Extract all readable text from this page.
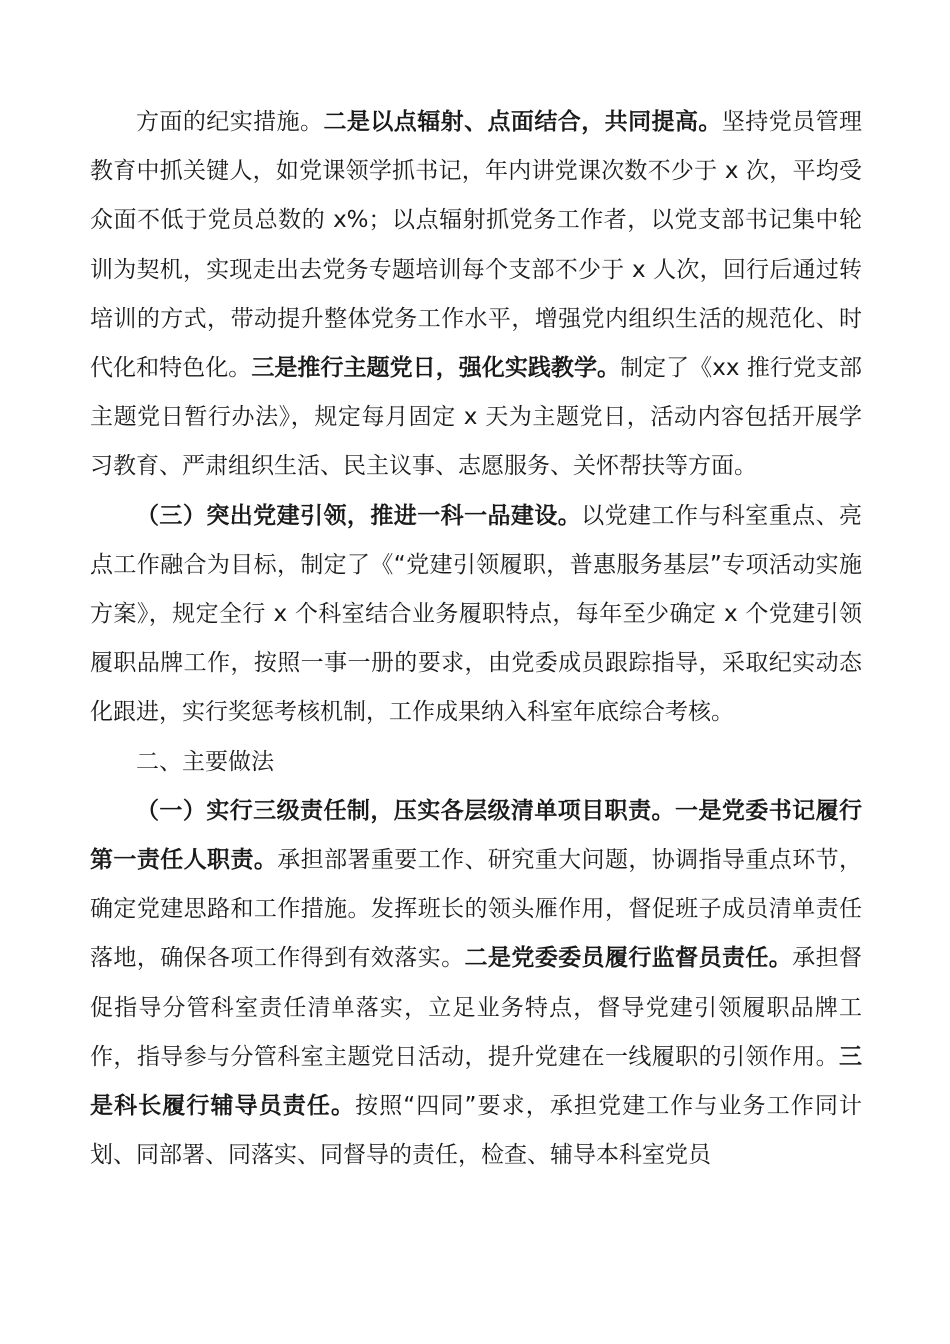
方面的纪实措施。二是以点辐射、点面结合，共同提高。坚持党员管理教育中抓关键人，如党课领学抓书记，年内讲党课次数不少于 x 次，平均受众面不低于党员总数的 x%；以点辐射抓党务工作者，以党支部书记集中轮训为契机，实现走出去党务专题培训每个支部不少于 x 人次，回行后通过转培训的方式，带动提升整体党务工作水平，增强党内组织生活的规范化、时代化和特色化。三是推行主题党日，强化实践教学。制定了《xx 推行党支部主题党日暂行办法》，规定每月固定 x 天为主题党日，活动内容包括开展学习教育、严肃组织生活、民主议事、志愿服务、关怀帮扶等方面。

（三）突出党建引领，推进一科一品建设。以党建工作与科室重点、亮点工作融合为目标，制定了《“党建引领履职，普惠服务基层”专项活动实施方案》，规定全行 x 个科室结合业务履职特点，每年至少确定 x 个党建引领履职品牌工作，按照一事一册的要求，由党委成员跟踪指导，采取纪实动态化跟进，实行奖惩考核机制，工作成果纳入科室年底综合考核。

二、主要做法

（一）实行三级责任制，压实各层级清单项目职责。一是党委书记履行第一责任人职责。承担部署重要工作、研究重大问题，协调指导重点环节，确定党建思路和工作措施。发挥班长的领头雁作用，督促班子成员清单责任落地，确保各项工作得到有效落实。二是党委委员履行监督员责任。承担督促指导分管科室责任清单落实，立足业务特点，督导党建引领履职品牌工作，指导参与分管科室主题党日活动，提升党建在一线履职的引领作用。三是科长履行辅导员责任。按照“四同”要求，承担党建工作与业务工作同计划、同部署、同落实、同督导的责任，检查、辅导本科室党员
